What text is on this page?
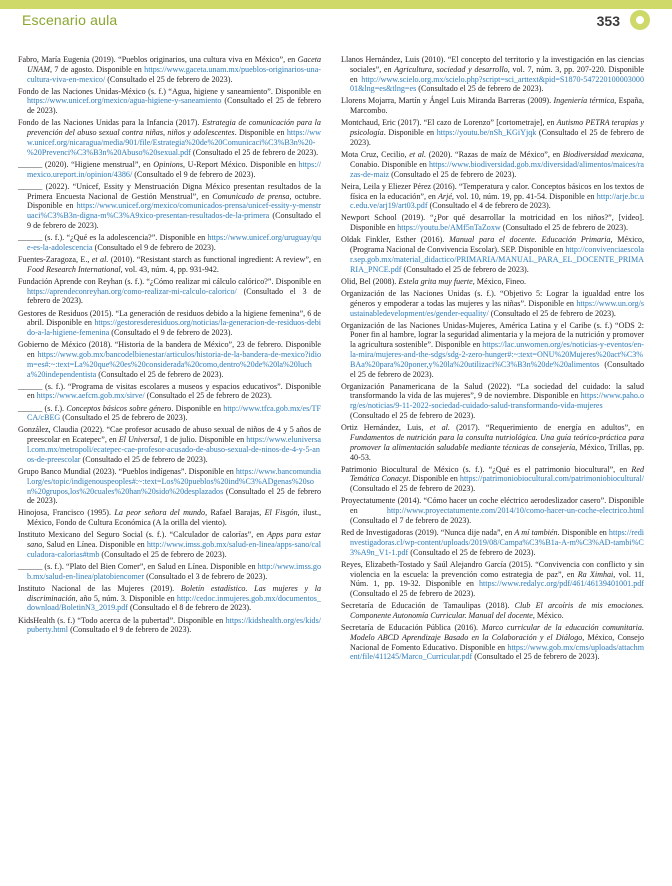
Escenario aula	353

Fabro, María Eugenia (2019). “Pueblos originarios, una cultura viva en México”, en Gaceta UNAM, 7 de agosto. Disponible en https://www.gaceta.unam.mx/pueblos-originarios-una-cultura-viva-en-mexico/ (Consultado el 25 de febrero de 2023).

Fondo de las Naciones Unidas-México (s. f.) “Agua, higiene y saneamiento”. Disponible en https://www.unicef.org/mexico/agua-higiene-y-saneamiento (Consultado el 25 de febrero de 2023).

Fondo de las Naciones Unidas para la Infancia (2017). Estrategia de comunicación para la prevención del abuso sexual contra niñas, niños y adolescentes. Disponible en https://www.unicef.org/nicaragua/media/901/file/Estrategia%20de%20Comunicaci%C3%B3n%20-%20Prevenci%C3%B3n%20Abuso%20sexual.pdf (Consultado el 25 de febrero de 2023).

______ (2020). “Higiene menstrual”, en Opinions, U-Report México. Disponible en https://mexico.ureport.in/opinion/4386/ (Consultado el 9 de febrero de 2023).

______ (2022). “Unicef, Essity y Menstruación Digna México presentan resultados de la Primera Encuesta Nacional de Gestión Menstrual”, en Comunicado de prensa, octubre. Disponible en https://www.unicef.org/mexico/comunicados-prensa/unicef-essity-y-menstruaci%C3%B3n-digna-m%C3%A9xico-presentan-resultados-de-la-primera (Consultado el 9 de febrero de 2023).

______ (s. f.). “¿Qué es la adolescencia?”. Disponible en https://www.unicef.org/uruguay/que-es-la-adolescencia (Consultado el 9 de febrero de 2023).

Fuentes-Zaragoza, E., et al. (2010). “Resistant starch as functional ingredient: A review”, en Food Research International, vol. 43, núm. 4, pp. 931-942.

Fundación Aprende con Reyhan (s. f.). “¿Cómo realizar mi cálculo calórico?”. Disponible en https://aprendeconreyhan.org/como-realizar-mi-calculo-calorico/ (Consultado el 3 de febrero de 2023).

Gestores de Residuos (2015). “La generación de residuos debido a la higiene femenina”, 6 de abril. Disponible en https://gestoresderesiduos.org/noticias/la-generacion-de-residuos-debido-a-la-higiene-femenina (Consultado el 9 de febrero de 2023).

Gobierno de México (2018). “Historia de la bandera de México”, 23 de febrero. Disponible en https://www.gob.mx/bancodelbienestar/articulos/historia-de-la-bandera-de-mexico?idiom=es#:~:text=La%20que%20es%20considerada%20como,dentro%20de%20la%20lucha%20independentista (Consultado el 25 de febrero de 2023).

______ (s. f.). “Programa de visitas escolares a museos y espacios educativos”. Disponible en https://www.aefcm.gob.mx/sirve/ (Consultado el 25 de febrero de 2023).

______ (s. f.). Conceptos básicos sobre género. Disponible en http://www.tfca.gob.mx/es/TFCA/cBEG (Consultado el 25 de febrero de 2023).

González, Claudia (2022). “Cae profesor acusado de abuso sexual de niños de 4 y 5 años de preescolar en Ecatepec”, en El Universal, 1 de julio. Disponible en https://www.eluniversal.com.mx/metropoli/ecatepec-cae-profesor-acusado-de-abuso-sexual-de-ninos-de-4-y-5-anos-de-preescolar (Consultado el 25 de febrero de 2023).

Grupo Banco Mundial (2023). “Pueblos indígenas”. Disponible en https://www.bancomundial.org/es/topic/indigenouspeoples#:~:text=Los%20pueblos%20ind%C3%ADgenas%20son%20grupos,los%20cuales%20han%20sido%20desplazados (Consultado el 25 de febrero de 2023).

Hinojosa, Francisco (1995). La peor señora del mundo, Rafael Barajas, El Fisgón, ilust., México, Fondo de Cultura Económica (A la orilla del viento).

Instituto Mexicano del Seguro Social (s. f.). “Calculador de calorías”, en Apps para estar sano, Salud en Línea. Disponible en http://www.imss.gob.mx/salud-en-linea/apps-sano/calculadora-calorias#tmb (Consultado el 25 de febrero de 2023).

______ (s. f.). “Plato del Bien Comer”, en Salud en Línea. Disponible en http://www.imss.gob.mx/salud-en-linea/platobiencomer (Consultado el 3 de febrero de 2023).

Instituto Nacional de las Mujeres (2019). Boletín estadístico. Las mujeres y la discriminación, año 5, núm. 3. Disponible en http://cedoc.inmujeres.gob.mx/documentos_download/BoletinN3_2019.pdf (Consultado el 8 de febrero de 2023).

KidsHealth (s. f.) “Todo acerca de la pubertad”. Disponible en https://kidshealth.org/es/kids/puberty.html (Consultado el 9 de febrero de 2023).

Llanos Hernández, Luis (2010). “El concepto del territorio y la investigación en las ciencias sociales”, en Agricultura, sociedad y desarrollo, vol. 7, núm. 3, pp. 207-220. Disponible en http://www.scielo.org.mx/scielo.php?script=sci_arttext&pid=S1870-54722010000300001&lng=es&tlng=es (Consultado el 25 de febrero de 2023).

Llorens Mojarra, Martín y Ángel Luis Miranda Barreras (2009). Ingeniería térmica, España, Marcombo.

Montchaud, Eric (2017). “El cazo de Lorenzo” [cortometraje], en Autismo PETRA terapias y psicología. Disponible en https://youtu.be/nSh_KGiYjqk (Consultado el 25 de febrero de 2023).

Mota Cruz, Cecilio, et al. (2020). “Razas de maíz de México”, en Biodiversidad mexicana, Conabio. Disponible en https://www.biodiversidad.gob.mx/diversidad/alimentos/maices/razas-de-maiz (Consultado el 25 de febrero de 2023).

Neira, Leila y Eliezer Pérez (2016). “Temperatura y calor. Conceptos básicos en los textos de física en la educación”, en Arjé, vol. 10, núm. 19, pp. 41-54. Disponible en http://arje.bc.uc.edu.ve/arj19/art03.pdf (Consultado el 4 de febrero de 2023).

Newport School (2019). “¿Por qué desarrollar la motricidad en los niños?”, [video]. Disponible en https://youtu.be/AMf5nTaZoxw (Consultado el 25 de febrero de 2023).

Oldak Finkler, Esther (2016). Manual para el docente. Educación Primaria, México, (Programa Nacional de Convivencia Escolar). SEP. Disponible en http://convivenciaescolar.sep.gob.mx/material_didactico/PRIMARIA/MANUAL_PARA_EL_DOCENTE_PRIMARIA_PNCE.pdf (Consultado el 25 de febrero de 2023).

Olid, Bel (2008). Estela grita muy fuerte, México, Fineo.

Organización de las Naciones Unidas (s. f.). “Objetivo 5: Lograr la igualdad entre los géneros y empoderar a todas las mujeres y las niñas”. Disponible en https://www.un.org/sustainabledevelopment/es/gender-equality/ (Consultado el 25 de febrero de 2023).

Organización de las Naciones Unidas-Mujeres, América Latina y el Caribe (s. f.) “ODS 2: Poner fin al hambre, lograr la seguridad alimentaria y la mejora de la nutrición y promover la agricultura sostenible”. Disponible en https://lac.unwomen.org/es/noticias-y-eventos/en-la-mira/mujeres-and-the-sdgs/sdg-2-zero-hunger#:~:text=ONU%20Mujeres%20act%C3%BAa%20para%20poner,y%20la%20utilizaci%C3%B3n%20de%20alimentos (Consultado el 25 de febrero de 2023).

Organización Panamericana de la Salud (2022). “La sociedad del cuidado: la salud transformando la vida de las mujeres”, 9 de noviembre. Disponible en https://www.paho.org/es/noticias/9-11-2022-sociedad-cuidado-salud-transformando-vida-mujeres (Consultado el 25 de febrero de 2023).

Ortiz Hernández, Luis, et al. (2017). “Requerimiento de energía en adultos”, en Fundamentos de nutrición para la consulta nutriológica. Una guía teórico-práctica para promover la alimentación saludable mediante técnicas de consejería, México, Trillas, pp. 40-53.

Patrimonio Biocultural de México (s. f.). “¿Qué es el patrimonio biocultural”, en Red Temática Conacyt. Disponible en https://patrimoniobiocultural.com/patrimoniobiocultural/ (Consultado el 25 de febrero de 2023).

Proyectatumente (2014). “Cómo hacer un coche eléctrico aerodeslizador casero”. Disponible en http://www.proyectatumente.com/2014/10/como-hacer-un-coche-electrico.html (Consultado el 7 de febrero de 2023).

Red de Investigadoras (2019). “Nunca dije nada”, en A mí también. Disponible en https://redinvestigadoras.cl/wp-content/uploads/2019/08/Campa%C3%B1a-A-m%C3%AD-tambi%C3%A9n_V1-1.pdf (Consultado el 25 de febrero de 2023).

Reyes, Elizabeth-Tostado y Saúl Alejandro García (2015). “Convivencia con conflicto y sin violencia en la escuela: la prevención como estrategia de paz”, en Ra Ximhai, vol. 11, Núm. 1, pp. 19-32. Disponible en https://www.redalyc.org/pdf/461/46139401001.pdf (Consultado el 25 de febrero de 2023).

Secretaría de Educación de Tamaulipas (2018). Club El arcoíris de mis emociones. Componente Autonomía Curricular. Manual del docente, México.

Secretaría de Educación Pública (2016). Marco curricular de la educación comunitaria. Modelo ABCD Aprendizaje Basado en la Colaboración y el Diálogo, México, Consejo Nacional de Fomento Educativo. Disponible en https://www.gob.mx/cms/uploads/attachment/file/411245/Marco_Curricular.pdf (Consultado el 25 de febrero de 2023).
